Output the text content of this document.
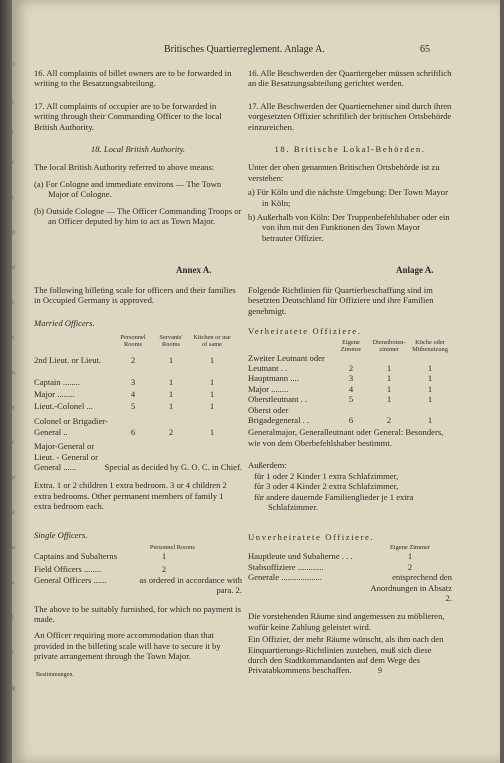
Britisches Quartierreglement. Anlage A.	65

16. All complaints of billet owners are to be forwarded in writing to the Besatzungsabteilung.

17. All complaints of occupier are to be forwarded in writing through their Commanding Officer to the local British Authority.

18. Local British Authority.

The local British Authority referred to above means:

(a) For Cologne and immediate environs — The Town Major of Cologne.

(b) Outside Cologne — The Officer Commanding Troops or an Officer deputed by him to act as Town Major.

Annex A.

The following billeting scale for officers and their families in Occupied Germany is approved.

Married Officers.

	Personnel Rooms	Servants' Rooms	Kitchen or use of same
2nd Lieut. or Lieut.	2	1	1
Captain ........	3	1	1
Major ........	4	1	1
Lieut.-Colonel ...	5	1	1
Colonel or Brigadier-General ..	6	2	1
Major-General or Lieut. - General or General ......	Special as decided by G. O. C. in Chief.

Extra. 1 or 2 children 1 extra bedroom. 3 or 4 children 2 extra bedrooms. Other permanent members of family 1 extra bedroom each.

Single Officers.

	Personnel Rooms
Captains and Subalterns	1
Field Officers ........	2
General Officers ......	as ordered in accordance with para. 2.

The above to be suitably furnished, for which no payment is made.

An Officer requiring more accommodation than that provided in the billeting scale will have to secure it by private arrangement through the Town Major.

Bestimmungen.

16. Alle Beschwerden der Quartiergeber müssen schriftlich an die Besatzungsabteilung gerichtet werden.

17. Alle Beschwerden der Quartiernehmer sind durch ihren vorgesetzten Offizier schriftlich der britischen Ortsbehörde einzureichen.

18. Britische Lokal-Behörden.

Unter der oben genannten Britischen Ortsbehörde ist zu verstehen:

a) Für Köln und die nächste Umgebung: Der Town Mayor in Köln;

b) Außerhalb von Köln: Der Truppenbefehlshaber oder ein von ihm mit den Funktionen des Town Mayor betrauter Offizier.

Anlage A.

Folgende Richtlinien für Quartierbeschaffung sind im besetzten Deutschland für Offiziere und ihre Familien genehmigt.

Verheiratete Offiziere.

	Eigene Zimmer	Dienstboten-zimmer	Küche oder Mitbenutzung
Zweiter Leutnant oder Leutnant . .	2	1	1
Hauptmann ....	3	1	1
Major ........	4	1	1
Oberstleutnant . .	5	1	1
Oberst oder Brigadegeneral . .	6	2	1

Generalmajor, Generalleutnant oder General: Besonders, wie von dem Oberbefehlshaber bestimmt.

Außerdem:

für 1 oder 2 Kinder 1 extra Schlafzimmer,

für 3 oder 4 Kinder 2 extra Schlafzimmer,

für andere dauernde Familienglieder je 1 extra Schlafzimmer.

Unverheiratete Offiziere.

	Eigene Zimmer
Hauptleute und Subalterne . . .	1
Stabsoffiziere ............	2
Generale ...................	entsprechend den Anordnungen in Absatz 2.

Die vorstehenden Räume sind angemessen zu möblieren, wofür keine Zahlung geleistet wird.

Ein Offizier, der mehr Räume wünscht, als ihm nach den Einquartierungs-Richtlinien zustehen, muß sich diese durch den Stadtkommandanten auf dem Wege des Privatabkommens beschaffen.	9
3
i
l
r
i
ü
d
r
s
u
e
r
n
e
u
s
l
i
g
